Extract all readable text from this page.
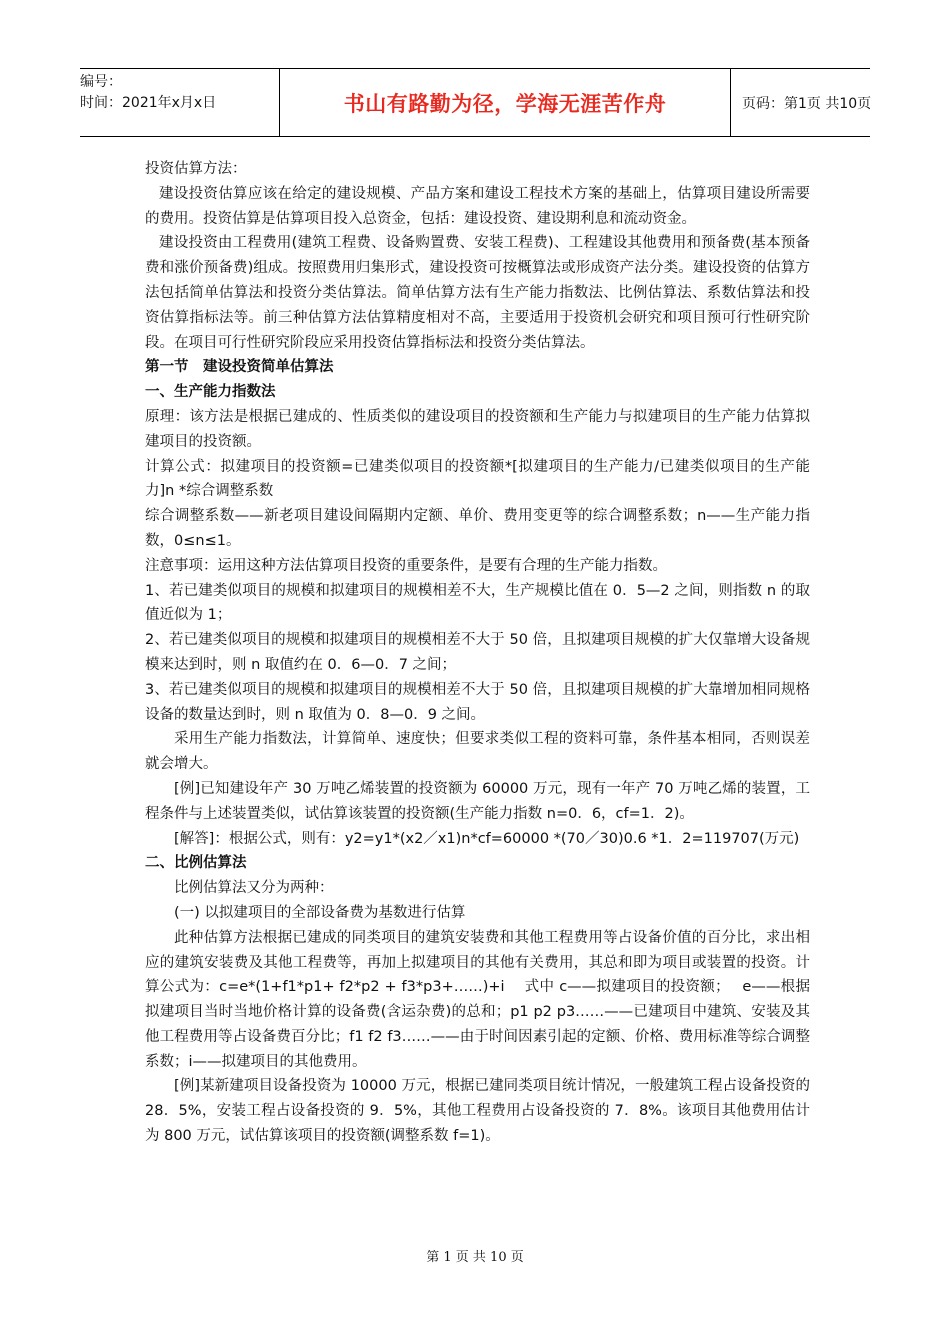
编号：
时间：2021年x月x日	书山有路勤为径，学海无涯苦作舟	页码：第1页 共10页

投资估算方法：

建设投资估算应该在给定的建设规模、产品方案和建设工程技术方案的基础上，估算项目建设所需要的费用。投资估算是估算项目投入总资金，包括：建设投资、建设期利息和流动资金。

建设投资由工程费用(建筑工程费、设备购置费、安装工程费)、工程建设其他费用和预备费(基本预备费和涨价预备费)组成。按照费用归集形式，建设投资可按概算法或形成资产法分类。建设投资的估算方法包括简单估算法和投资分类估算法。简单估算方法有生产能力指数法、比例估算法、系数估算法和投资估算指标法等。前三种估算方法估算精度相对不高，主要适用于投资机会研究和项目预可行性研究阶段。在项目可行性研究阶段应采用投资估算指标法和投资分类估算法。

第一节　建设投资简单估算法

一、生产能力指数法

原理：该方法是根据已建成的、性质类似的建设项目的投资额和生产能力与拟建项目的生产能力估算拟建项目的投资额。

计算公式：拟建项目的投资额=已建类似项目的投资额*[拟建项目的生产能力/已建类似项目的生产能力]n *综合调整系数

综合调整系数——新老项目建设间隔期内定额、单价、费用变更等的综合调整系数；n——生产能力指数，0≤n≤1。

注意事项：运用这种方法估算项目投资的重要条件，是要有合理的生产能力指数。

1、若已建类似项目的规模和拟建项目的规模相差不大，生产规模比值在 0．5—2 之间，则指数 n 的取值近似为 1；

2、若已建类似项目的规模和拟建项目的规模相差不大于 50 倍，且拟建项目规模的扩大仅靠增大设备规模来达到时，则 n 取值约在 0．6—0．7 之间；

3、若已建类似项目的规模和拟建项目的规模相差不大于 50 倍，且拟建项目规模的扩大靠增加相同规格设备的数量达到时，则 n 取值为 0．8—0．9 之间。

采用生产能力指数法，计算简单、速度快；但要求类似工程的资料可靠，条件基本相同，否则误差就会增大。

[例]已知建设年产 30 万吨乙烯装置的投资额为 60000 万元，现有一年产 70 万吨乙烯的装置，工程条件与上述装置类似，试估算该装置的投资额(生产能力指数 n=0．6，cf=1．2)。

[解答]：根据公式，则有：y2=y1*(x2／x1)n*cf=60000 *(70／30)0.6 *1．2=119707(万元)

二、比例估算法

比例估算法又分为两种：

(一) 以拟建项目的全部设备费为基数进行估算

此种估算方法根据已建成的同类项目的建筑安装费和其他工程费用等占设备价值的百分比，求出相应的建筑安装费及其他工程费等，再加上拟建项目的其他有关费用，其总和即为项目或装置的投资。计算公式为：c=e*(1+f1*p1+ f2*p2 + f3*p3+……)+i　 式中 c——拟建项目的投资额；　 e——根据拟建项目当时当地价格计算的设备费(含运杂费)的总和；p1 p2 p3……——已建项目中建筑、安装及其他工程费用等占设备费百分比；f1 f2 f3……——由于时间因素引起的定额、价格、费用标准等综合调整系数；i——拟建项目的其他费用。

[例]某新建项目设备投资为 10000 万元，根据已建同类项目统计情况，一般建筑工程占设备投资的 28．5%，安装工程占设备投资的 9．5%，其他工程费用占设备投资的 7．8%。该项目其他费用估计为 800 万元，试估算该项目的投资额(调整系数 f=1)。

第 1 页 共 10 页
